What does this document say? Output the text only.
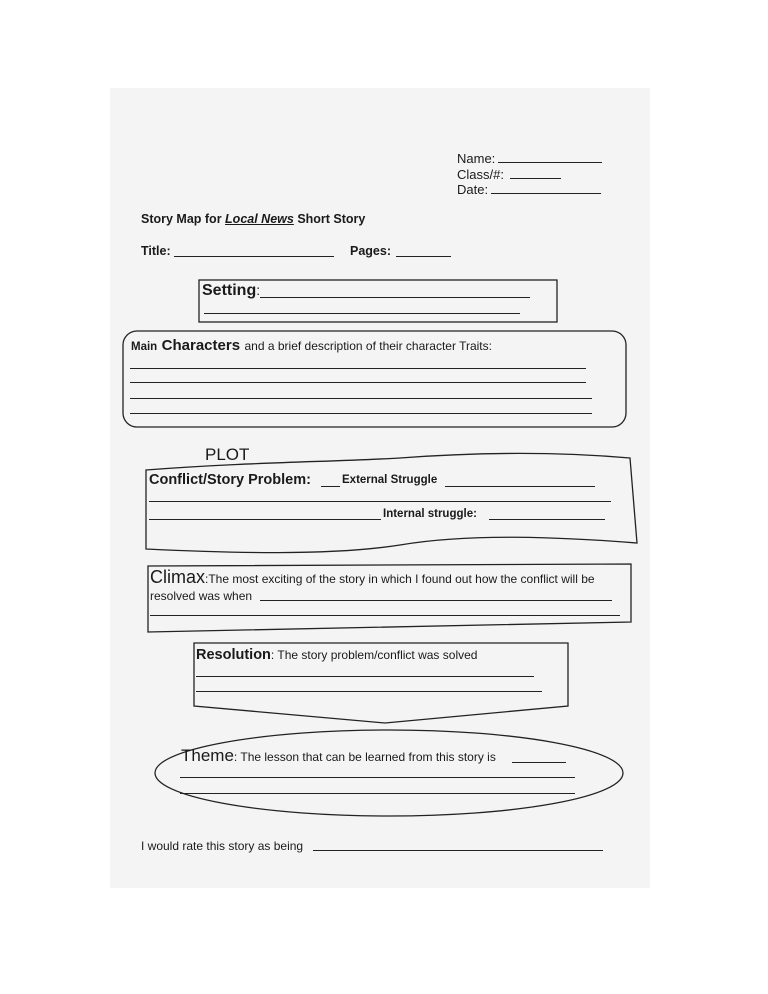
Name:
Class/#:
Date:
Story Map for Local News Short Story
Title:	Pages:
Setting:
Main Characters and a brief description of their character Traits:
PLOT
Conflict/Story Problem:	External Struggle
Internal struggle:
Climax:The most exciting of the story in which I found out how the conflict will be
resolved was when
Resolution: The story problem/conflict was solved
Theme: The lesson that can be learned from this story is
I would rate this story as being
